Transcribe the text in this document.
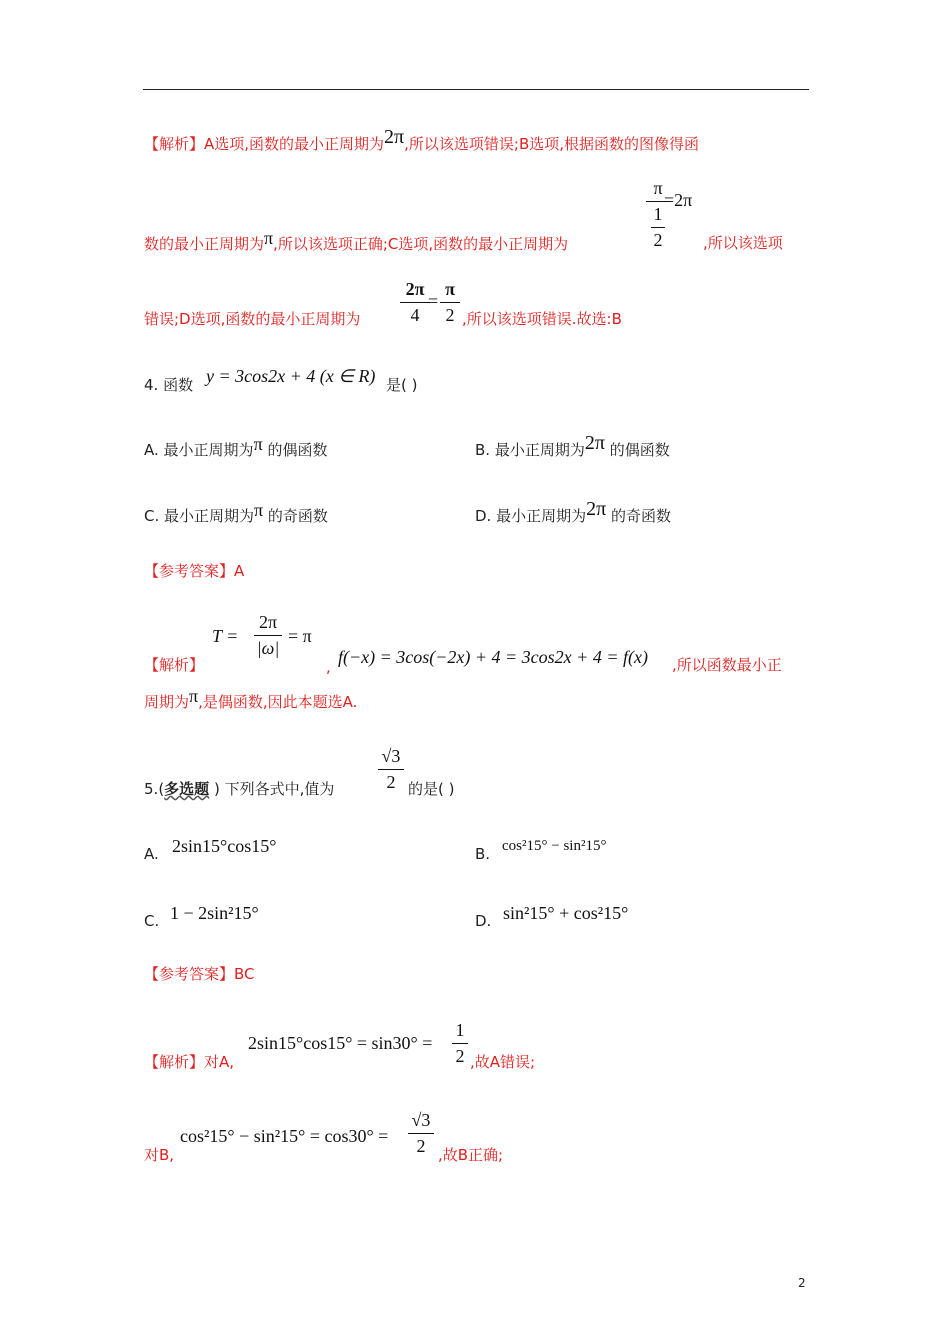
【解析】A选项,函数的最小正周期为2π,所以该选项错误;B选项,根据函数的图像得函
π
1
2
=2π
数的最小正周期为π,所以该选项正确;C选项,函数的最小正周期为	,所以该选项
2π
4
=
π
2
错误;D选项,函数的最小正周期为	,所以该选项错误.故选:B
4. 函数 y = 3cos2x + 4 (x ∈ R) 是( )
A. 最小正周期为π 的偶函数	B. 最小正周期为2π 的偶函数
C. 最小正周期为π 的奇函数	D. 最小正周期为2π 的奇函数
【参考答案】A
T =
2π
|ω|
= π
【解析】	, f(−x) = 3cos(−2x) + 4 = 3cos2x + 4 = f(x) ,所以函数最小正
周期为π,是偶函数,因此本题选A.
5.(多选题 ) 下列各式中,值为
√3
2 的是( )
A. 2sin15°cos15°	B. cos²15° − sin²15°
C. 1 − 2sin²15°	D. sin²15° + cos²15°
【参考答案】BC
2sin15°cos15° = sin30° =
1
2
【解析】对A,	,故A错误;
cos²15° − sin²15° = cos30° =
√3
2
对B,	,故B正确;
2
